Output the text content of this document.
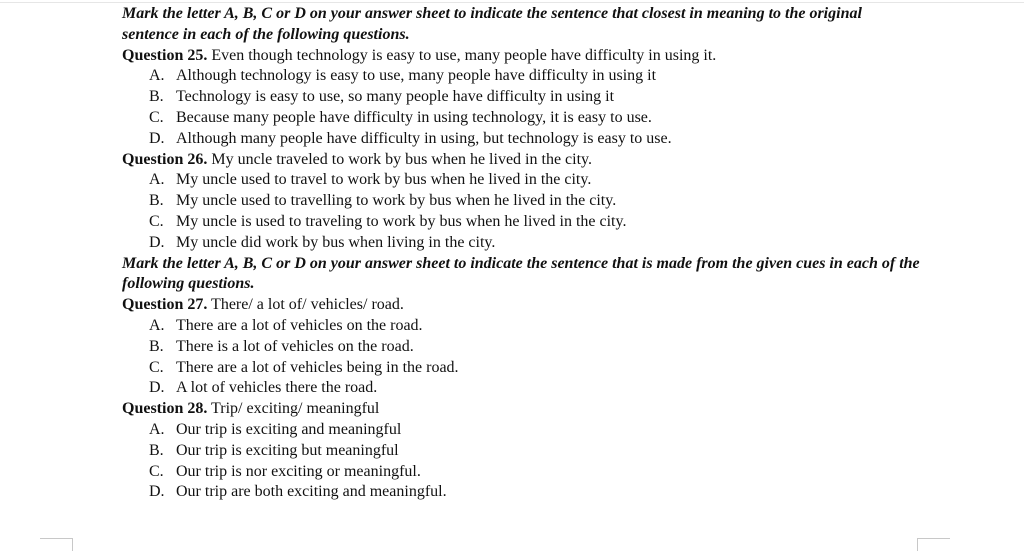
Mark the letter A, B, C or D on your answer sheet to indicate the sentence that closest in meaning to the original sentence in each of the following questions.
Question 25. Even though technology is easy to use, many people have difficulty in using it.
A. Although technology is easy to use, many people have difficulty in using it
B. Technology is easy to use, so many people have difficulty in using it
C. Because many people have difficulty in using technology, it is easy to use.
D. Although many people have difficulty in using, but technology is easy to use.
Question 26. My uncle traveled to work by bus when he lived in the city.
A. My uncle used to travel to work by bus when he lived in the city.
B. My uncle used to travelling to work by bus when he lived in the city.
C. My uncle is used to traveling to work by bus when he lived in the city.
D. My uncle did work by bus when living in the city.
Mark the letter A, B, C or D on your answer sheet to indicate the sentence that is made from the given cues in each of the following questions.
Question 27. There/ a lot of/ vehicles/ road.
A. There are a lot of vehicles on the road.
B. There is a lot of vehicles on the road.
C. There are a lot of vehicles being in the road.
D. A lot of vehicles there the road.
Question 28. Trip/ exciting/ meaningful
A. Our trip is exciting and meaningful
B. Our trip is exciting but meaningful
C. Our trip is nor exciting or meaningful.
D. Our trip are both exciting and meaningful.
